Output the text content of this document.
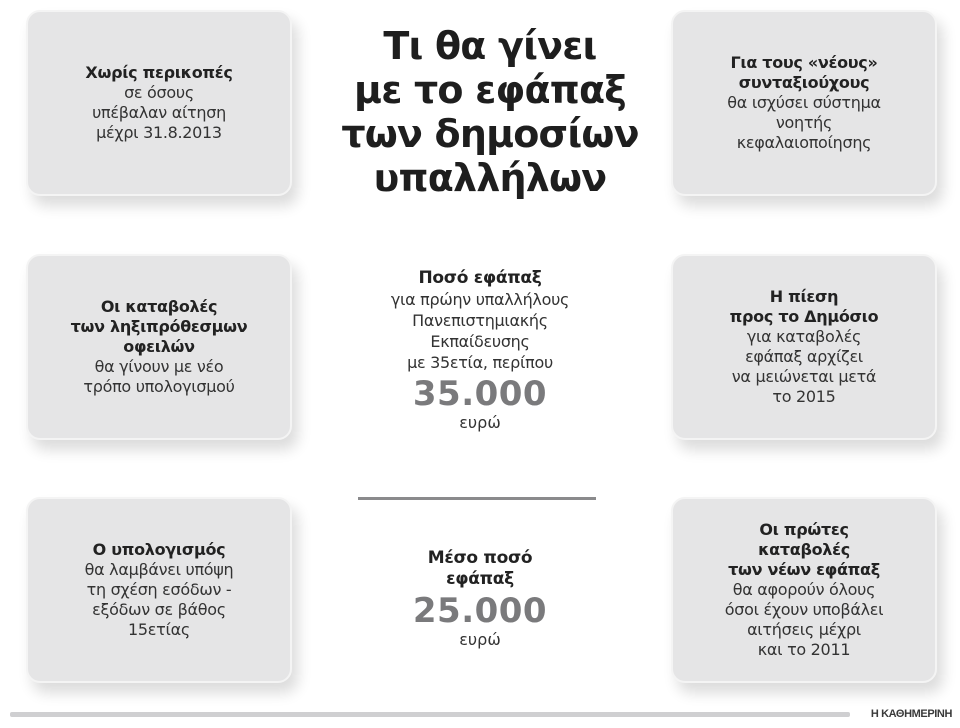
Τι θα γίνει
με το εφάπαξ
των δημοσίων
υπαλλήλων
Χωρίς περικοπές
σε όσους
υπέβαλαν αίτηση
μέχρι 31.8.2013
Για τους «νέους»
συνταξιούχους
θα ισχύσει σύστημα
νοητής
κεφαλαιοποίησης
Οι καταβολές
των ληξιπρόθεσμων
οφειλών
θα γίνουν με νέο
τρόπο υπολογισμού
Η πίεση
προς το Δημόσιο
για καταβολές
εφάπαξ αρχίζει
να μειώνεται μετά
το 2015
Ο υπολογισμός
θα λαμβάνει υπόψη
τη σχέση εσόδων -
εξόδων σε βάθος
15ετίας
Οι πρώτες
καταβολές
των νέων εφάπαξ
θα αφορούν όλους
όσοι έχουν υποβάλει
αιτήσεις μέχρι
και το 2011
Ποσό εφάπαξ
για πρώην υπαλλήλους
Πανεπιστημιακής
Εκπαίδευσης
με 35ετία, περίπου
35.000
ευρώ
Μέσο ποσό
εφάπαξ
25.000
ευρώ
Η ΚΑΘΗΜΕΡΙΝΗ
